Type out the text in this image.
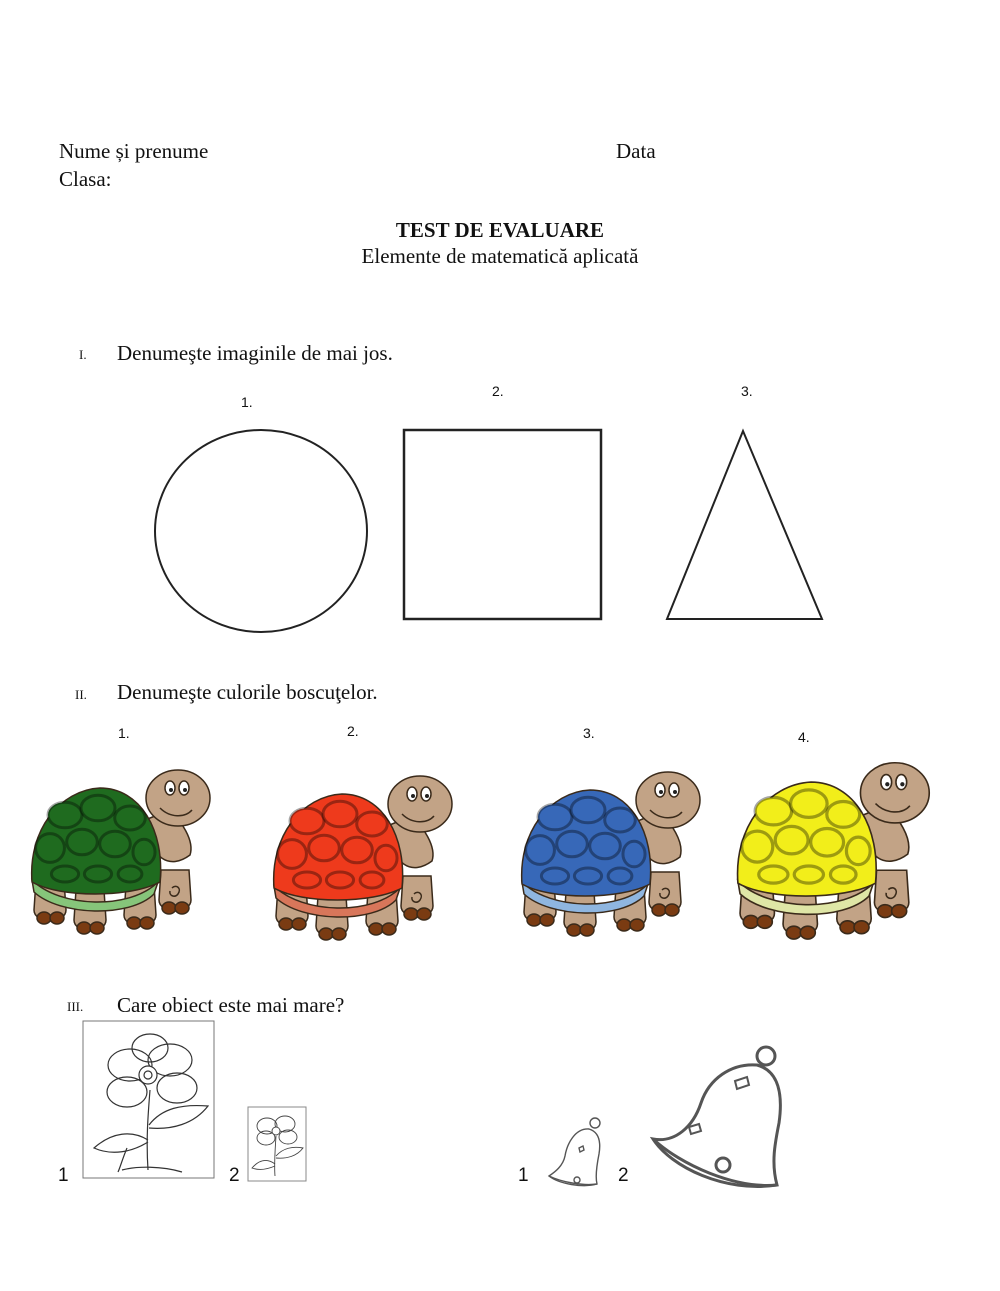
Nume și prenume	Data
Clasa:
TEST DE EVALUARE
Elemente de matematică aplicată
I. Denumeşte imaginile de mai jos.
1.
2.	3.
II. Denumeşte culorile boscuţelor.
1.	2.	3.	4.
III. Care obiect este mai mare?
1	2	1	2
